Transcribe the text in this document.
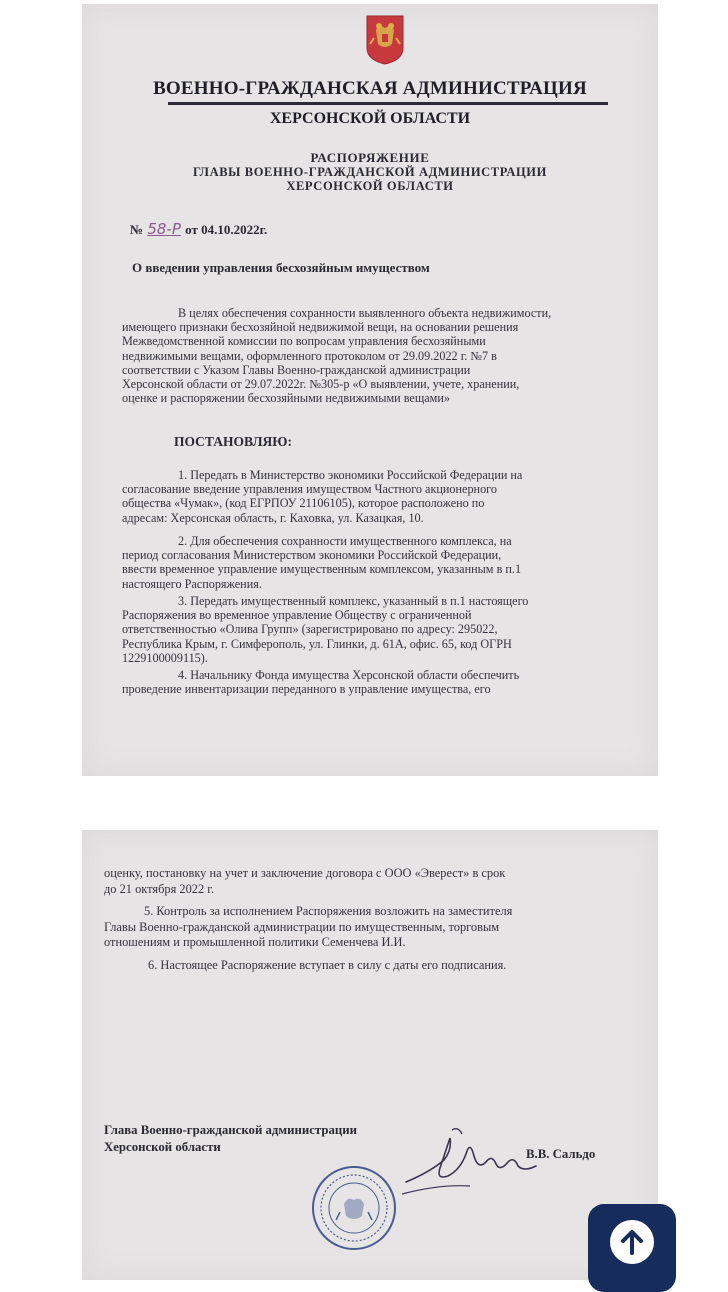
ВОЕННО-ГРАЖДАНСКАЯ АДМИНИСТРАЦИЯ
ХЕРСОНСКОЙ ОБЛАСТИ
РАСПОРЯЖЕНИЕ
ГЛАВЫ ВОЕННО-ГРАЖДАНСКОЙ АДМИНИСТРАЦИИ
ХЕРСОНСКОЙ ОБЛАСТИ
№ 58-Р от 04.10.2022г.
О введении управления бесхозяйным имуществом
В целях обеспечения сохранности выявленного объекта недвижимости,
имеющего признаки бесхозяйной недвижимой вещи, на основании решения
Межведомственной комиссии по вопросам управления бесхозяйными
недвижимыми вещами, оформленного протоколом от 29.09.2022 г. №7 в
соответствии с Указом Главы Военно-гражданской администрации
Херсонской области от 29.07.2022г. №305-р «О выявлении, учете, хранении,
оценке и распоряжении бесхозяйными недвижимыми вещами»
ПОСТАНОВЛЯЮ:
1. Передать в Министерство экономики Российской Федерации на
согласование введение управления имуществом Частного акционерного
общества «Чумак», (код ЕГРПОУ 21106105), которое расположено по
адресам: Херсонская область, г. Каховка, ул. Казацкая, 10.
2. Для обеспечения сохранности имущественного комплекса, на
период согласования Министерством экономики Российской Федерации,
ввести временное управление имущественным комплексом, указанным в п.1
настоящего Распоряжения.
3. Передать имущественный комплекс, указанный в п.1 настоящего
Распоряжения во временное управление Обществу с ограниченной
ответственностью «Олива Групп» (зарегистрировано по адресу: 295022,
Республика Крым, г. Симферополь, ул. Глинки, д. 61А, офис. 65, код ОГРН
1229100009115).
4. Начальнику Фонда имущества Херсонской области обеспечить
проведение инвентаризации переданного в управление имущества, его
оценку, постановку на учет и заключение договора с ООО «Эверест» в срок
до 21 октября 2022 г.
5. Контроль за исполнением Распоряжения возложить на заместителя
Главы Военно-гражданской администрации по имущественным, торговым
отношениям и промышленной политики Семенчева И.И.
6. Настоящее Распоряжение вступает в силу с даты его подписания.
Глава Военно-гражданской администрации
Херсонской области	В.В. Сальдо
